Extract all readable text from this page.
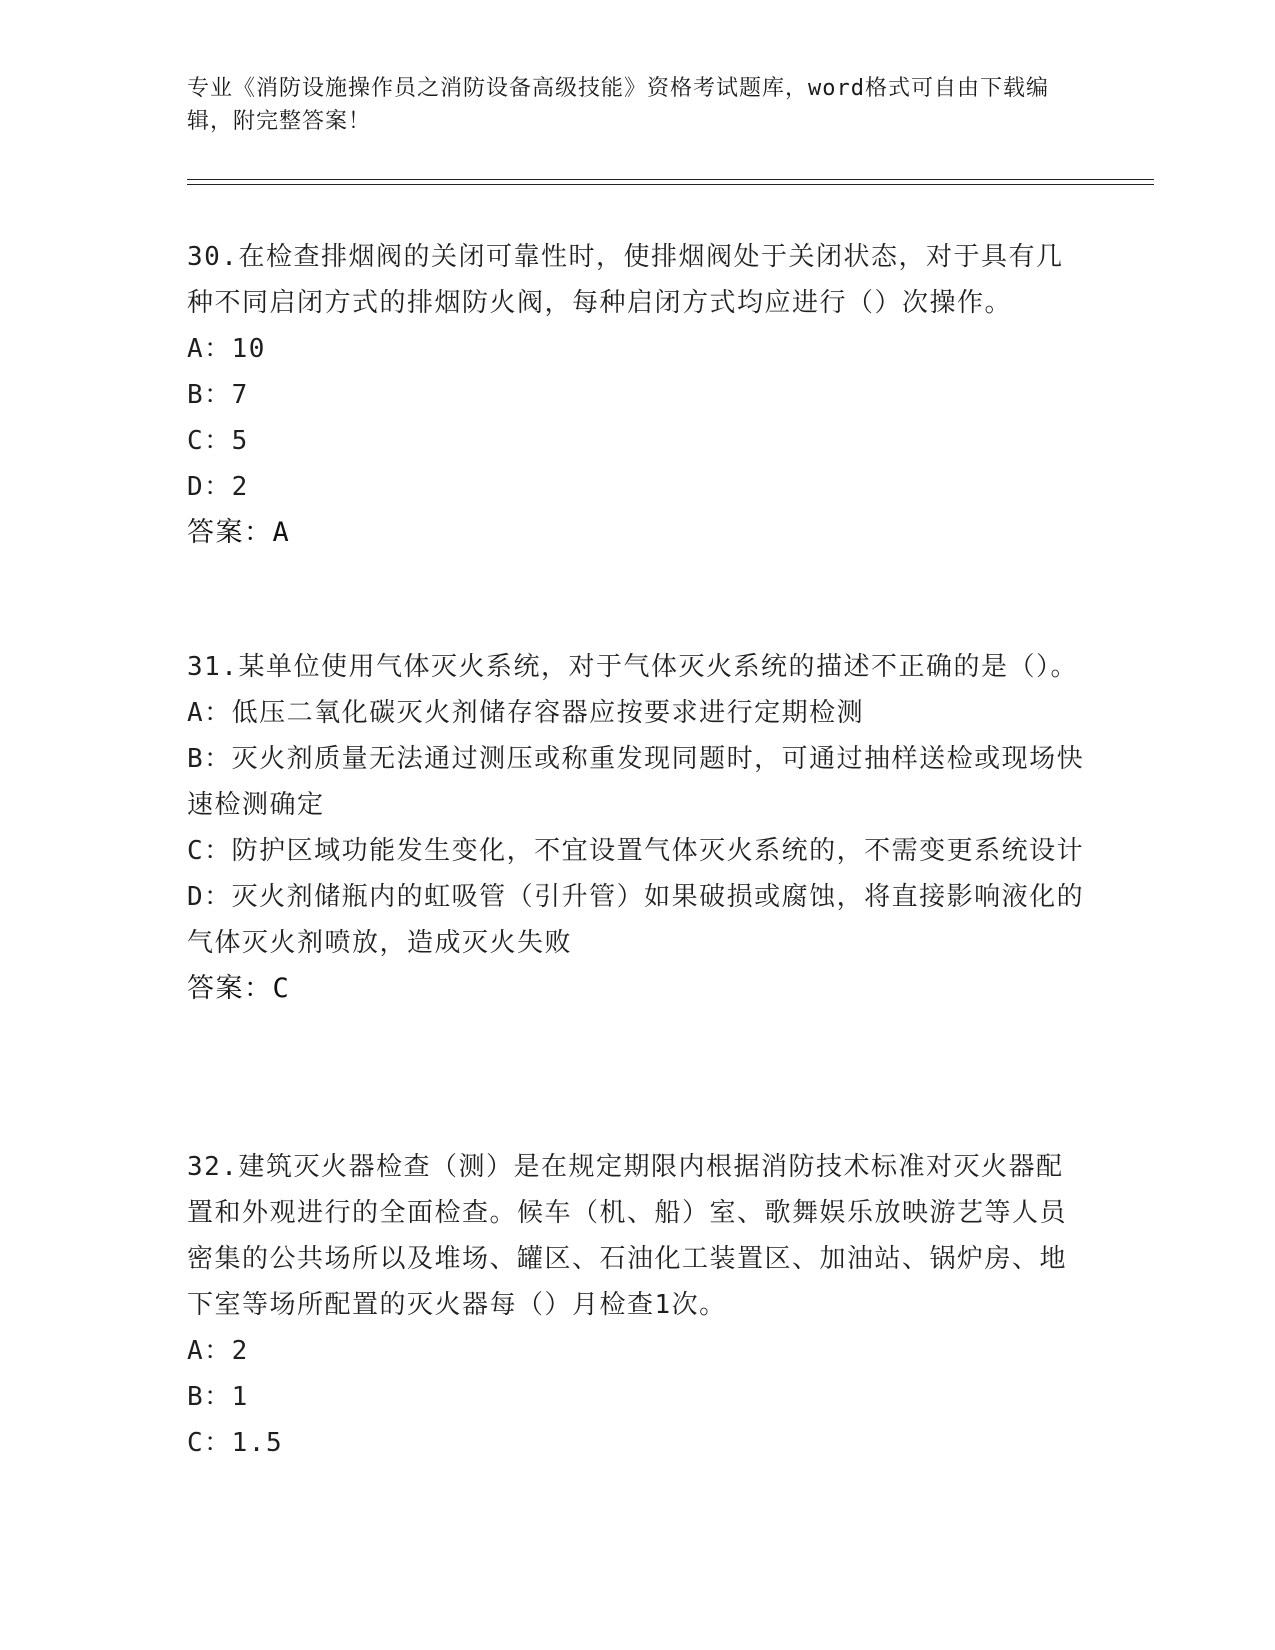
专业《消防设施操作员之消防设备高级技能》资格考试题库，word格式可自由下载编辑，附完整答案！

30.在检查排烟阀的关闭可靠性时，使排烟阀处于关闭状态，对于具有几种不同启闭方式的排烟防火阀，每种启闭方式均应进行（）次操作。

A：10

B：7

C：5

D：2

答案：A

31.某单位使用气体灭火系统，对于气体灭火系统的描述不正确的是（）。

A：低压二氧化碳灭火剂储存容器应按要求进行定期检测

B：灭火剂质量无法通过测压或称重发现同题时，可通过抽样送检或现场快速检测确定

C：防护区域功能发生变化，不宜设置气体灭火系统的，不需变更系统设计

D：灭火剂储瓶内的虹吸管（引升管）如果破损或腐蚀，将直接影响液化的气体灭火剂喷放，造成灭火失败

答案：C

32.建筑灭火器检查（测）是在规定期限内根据消防技术标准对灭火器配置和外观进行的全面检查。候车（机、船）室、歌舞娱乐放映游艺等人员密集的公共场所以及堆场、罐区、石油化工装置区、加油站、锅炉房、地下室等场所配置的灭火器每（）月检查1次。

A：2

B：1

C：1.5
